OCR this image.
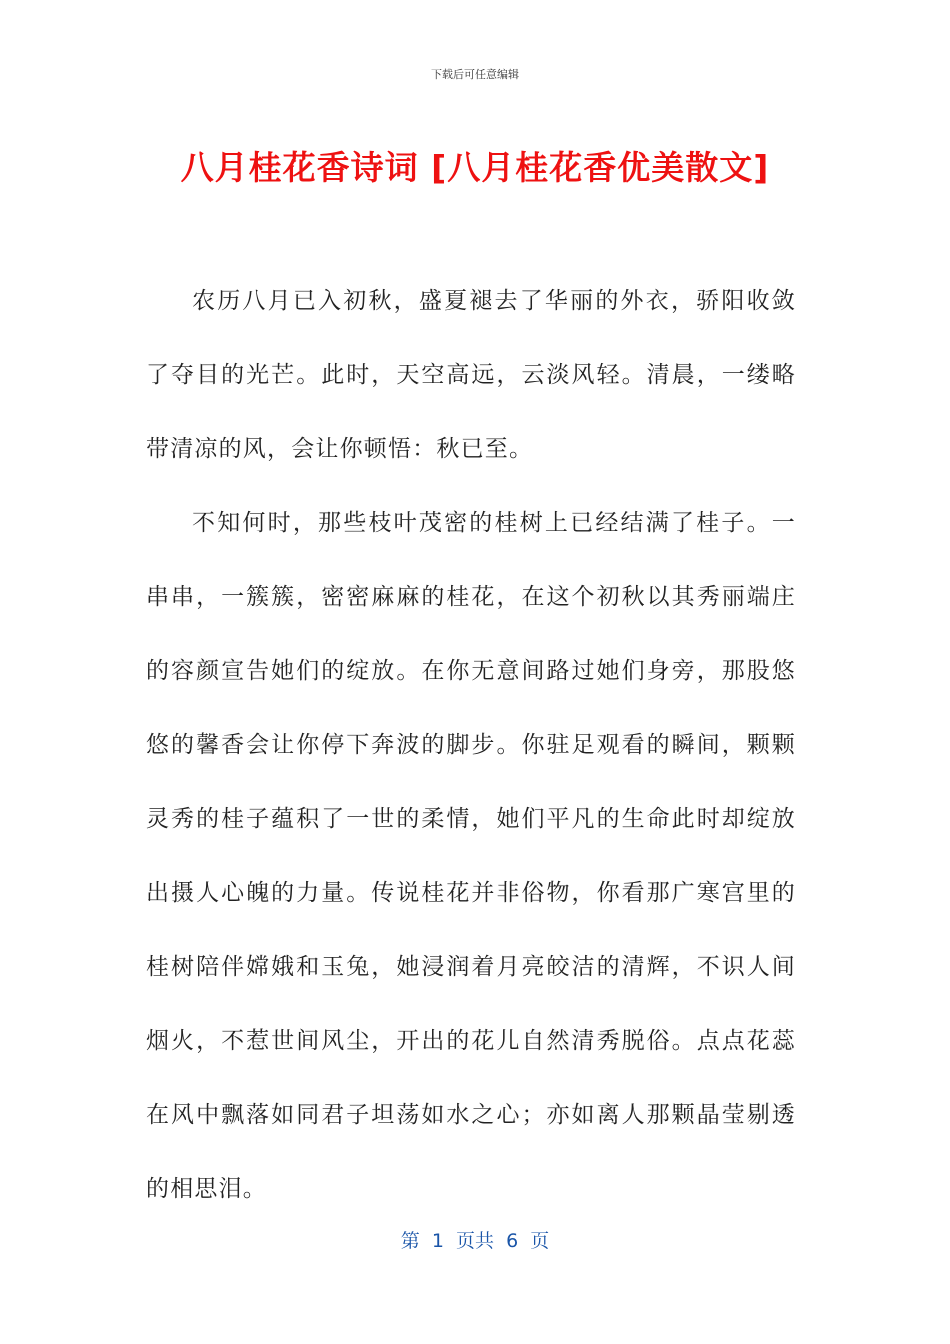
下载后可任意编辑
八月桂花香诗词 [八月桂花香优美散文]

农历八月已入初秋，盛夏褪去了华丽的外衣，骄阳收敛了夺目的光芒。此时，天空高远，云淡风轻。清晨，一缕略带清凉的风，会让你顿悟：秋已至。

不知何时，那些枝叶茂密的桂树上已经结满了桂子。一串串，一簇簇，密密麻麻的桂花，在这个初秋以其秀丽端庄的容颜宣告她们的绽放。在你无意间路过她们身旁，那股悠悠的馨香会让你停下奔波的脚步。你驻足观看的瞬间，颗颗灵秀的桂子蕴积了一世的柔情，她们平凡的生命此时却绽放出摄人心魄的力量。传说桂花并非俗物，你看那广寒宫里的桂树陪伴嫦娥和玉兔，她浸润着月亮皎洁的清辉，不识人间烟火，不惹世间风尘，开出的花儿自然清秀脱俗。点点花蕊在风中飘落如同君子坦荡如水之心；亦如离人那颗晶莹剔透的相思泪。

第  1  页共  6  页
